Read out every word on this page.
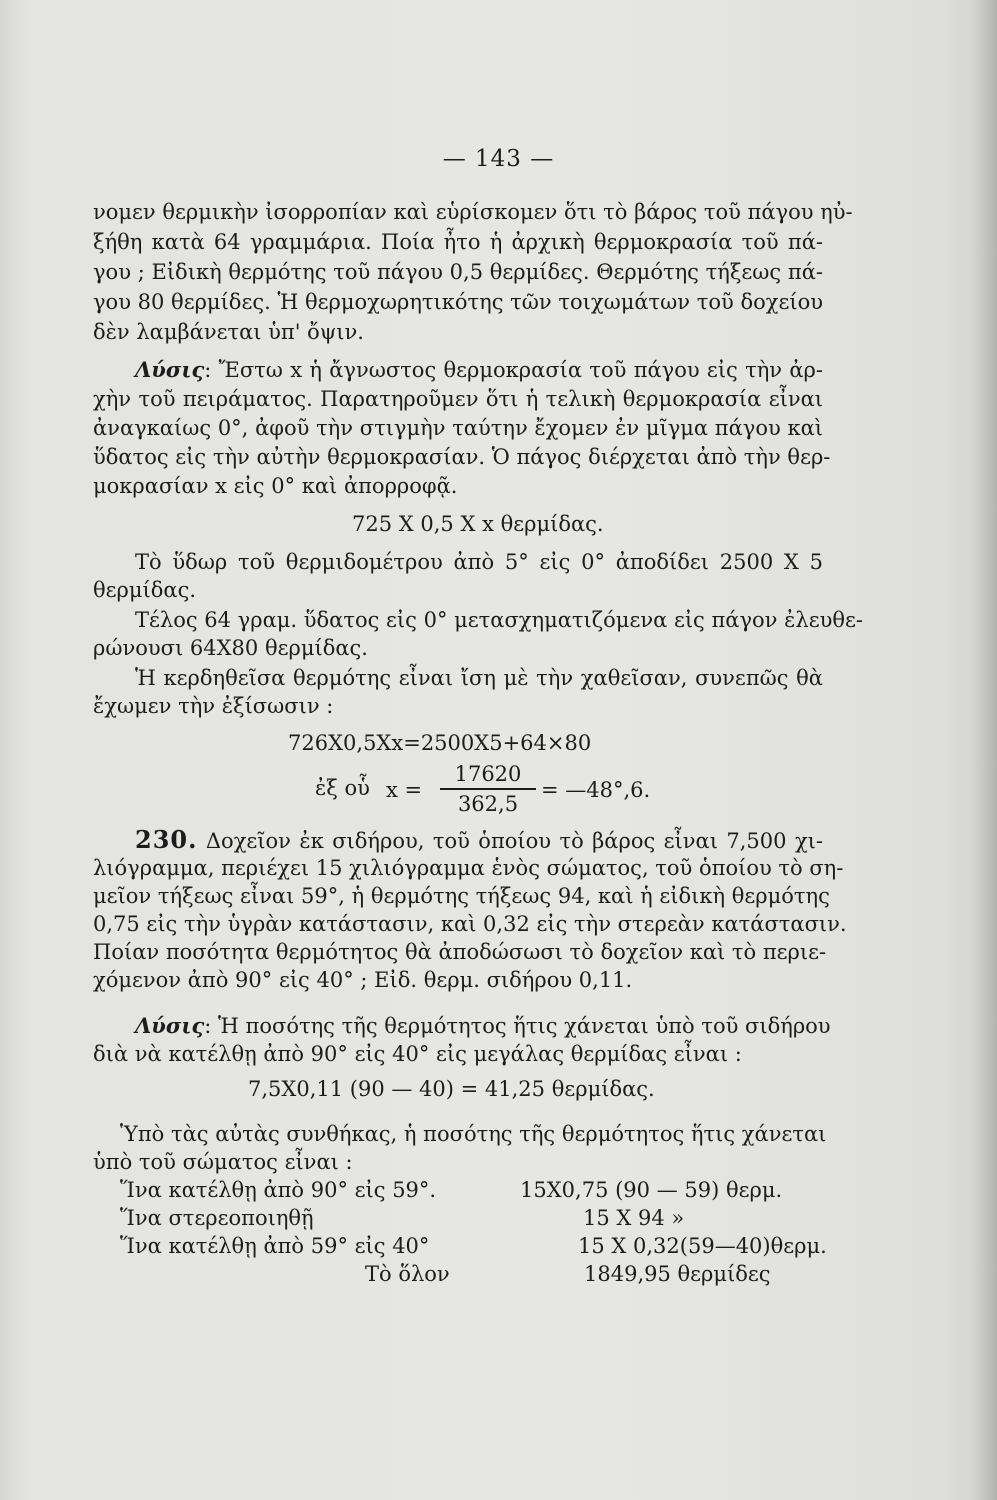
— 143 —
νομεν θερμικὴν ἰσορροπίαν καὶ εὑρίσκομεν ὅτι τὸ βάρος τοῦ πάγου ηὐ-
ξήθη κατὰ 64 γραμμάρια. Ποία ἦτο ἡ ἀρχικὴ θερμοκρασία τοῦ πά-
γου ; Εἰδικὴ θερμότης τοῦ πάγου 0,5 θερμίδες. Θερμότης τήξεως πά-
γου 80 θερμίδες. Ἡ θερμοχωρητικότης τῶν τοιχωμάτων τοῦ δοχείου
δὲν λαμβάνεται ὑπ' ὄψιν.
Λύσις: Ἔστω x ἡ ἄγνωστος θερμοκρασία τοῦ πάγου εἰς τὴν ἀρ-
χὴν τοῦ πειράματος. Παρατηροῦμεν ὅτι ἡ τελικὴ θερμοκρασία εἶναι
ἀναγκαίως 0°, ἀφοῦ τὴν στιγμὴν ταύτην ἔχομεν ἐν μῖγμα πάγου καὶ
ὕδατος εἰς τὴν αὐτὴν θερμοκρασίαν. Ὁ πάγος διέρχεται ἀπὸ τὴν θερ-
μοκρασίαν x εἰς 0° καὶ ἀπορροφᾷ.
725 X 0,5 X x θερμίδας.
Τὸ ὕδωρ τοῦ θερμιδομέτρου ἀπὸ 5° εἰς 0° ἀποδίδει 2500 X 5
θερμίδας.
Τέλος 64 γραμ. ὕδατος εἰς 0° μετασχηματιζόμενα εἰς πάγον ἐλευθε-
ρώνουσι 64X80 θερμίδας.
Ἡ κερδηθεῖσα θερμότης εἶναι ἴση μὲ τὴν χαθεῖσαν, συνεπῶς θὰ
ἔχωμεν τὴν ἐξίσωσιν :
726X0,5Xx=2500X5+64×80
ἐξ οὗ x =
17620
362,5
= —48°,6.
230. Δοχεῖον ἐκ σιδήρου, τοῦ ὁποίου τὸ βάρος εἶναι 7,500 χι-
λιόγραμμα, περιέχει 15 χιλιόγραμμα ἑνὸς σώματος, τοῦ ὁποίου τὸ ση-
μεῖον τήξεως εἶναι 59°, ἡ θερμότης τήξεως 94, καὶ ἡ εἰδικὴ θερμότης
0,75 εἰς τὴν ὑγρὰν κατάστασιν, καὶ 0,32 εἰς τὴν στερεὰν κατάστασιν.
Ποίαν ποσότητα θερμότητος θὰ ἀποδώσωσι τὸ δοχεῖον καὶ τὸ περιε-
χόμενον ἀπὸ 90° εἰς 40° ; Εἰδ. θερμ. σιδήρου 0,11.
Λύσις: Ἡ ποσότης τῆς θερμότητος ἥτις χάνεται ὑπὸ τοῦ σιδήρου
διὰ νὰ κατέλθῃ ἀπὸ 90° εἰς 40° εἰς μεγάλας θερμίδας εἶναι :
7,5X0,11 (90 — 40) = 41,25 θερμίδας.
Ὑπὸ τὰς αὐτὰς συνθήκας, ἡ ποσότης τῆς θερμότητος ἥτις χάνεται
ὑπὸ τοῦ σώματος εἶναι :
Ἵνα κατέλθῃ ἀπὸ 90° εἰς 59°.	15X0,75 (90 — 59) θερμ.
Ἵνα στερεοποιηθῇ	15 X 94 »
Ἵνα κατέλθῃ ἀπὸ 59° εἰς 40°	15 X 0,32(59—40)θερμ.
Τὸ ὅλον	1849,95 θερμίδες
